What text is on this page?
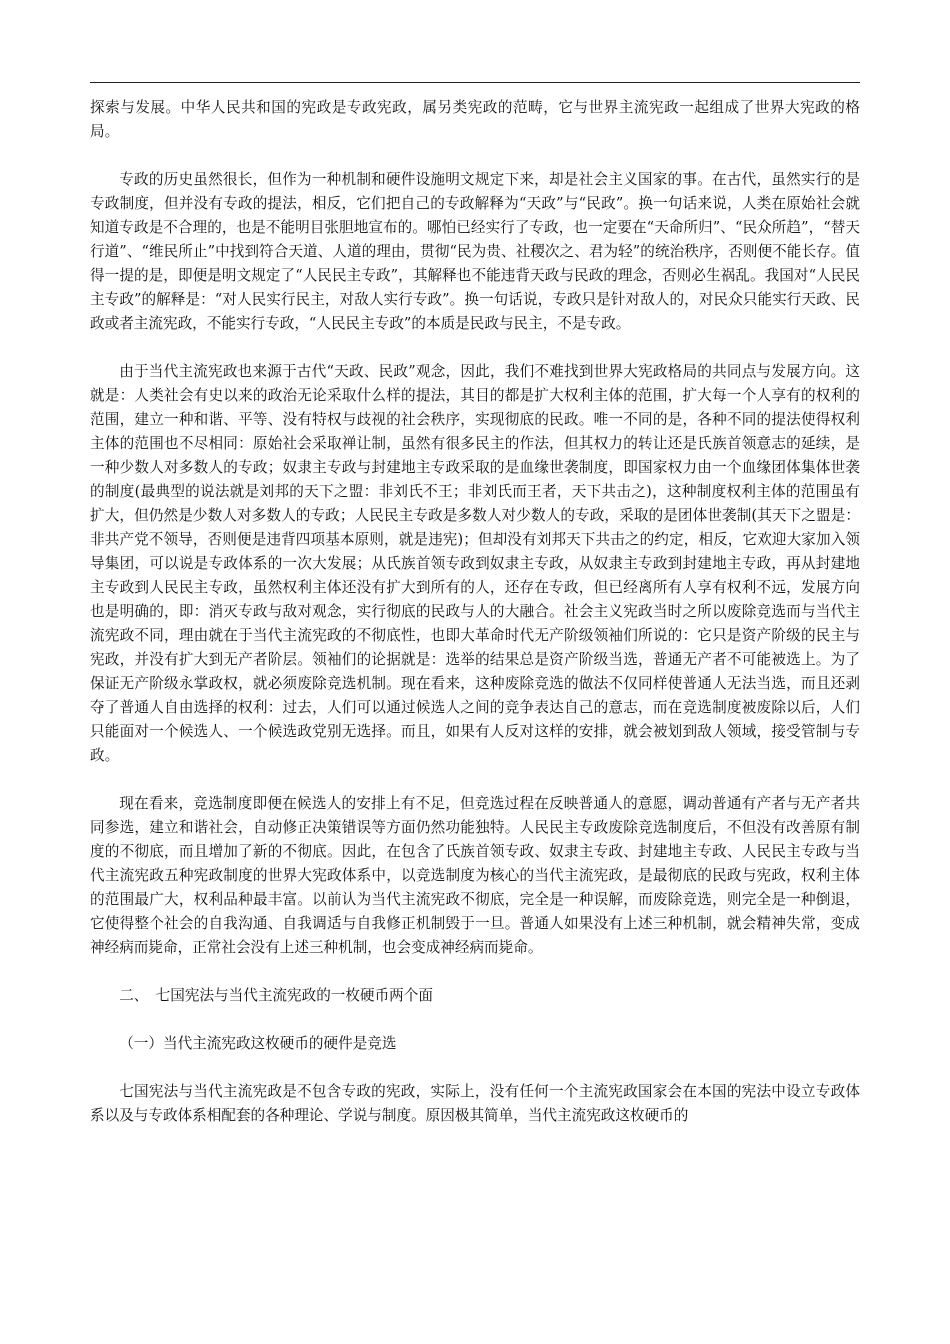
探索与发展。中华人民共和国的宪政是专政宪政，属另类宪政的范畴，它与世界主流宪政一起组成了世界大宪政的格局。

专政的历史虽然很长，但作为一种机制和硬件设施明文规定下来，却是社会主义国家的事。在古代，虽然实行的是专政制度，但并没有专政的提法，相反，它们把自己的专政解释为“天政”与“民政”。换一句话来说，人类在原始社会就知道专政是不合理的，也是不能明目张胆地宣布的。哪怕已经实行了专政，也一定要在“天命所归”、“民众所趋”，“替天行道”、“维民所止”中找到符合天道、人道的理由，贯彻“民为贵、社稷次之、君为轻”的统治秩序，否则便不能长存。值得一提的是，即便是明文规定了“人民民主专政”，其解释也不能违背天政与民政的理念，否则必生祸乱。我国对“人民民主专政”的解释是：“对人民实行民主，对敌人实行专政”。换一句话说，专政只是针对敌人的，对民众只能实行天政、民政或者主流宪政，不能实行专政，“人民民主专政”的本质是民政与民主，不是专政。

由于当代主流宪政也来源于古代“天政、民政”观念，因此，我们不难找到世界大宪政格局的共同点与发展方向。这就是：人类社会有史以来的政治无论采取什么样的提法，其目的都是扩大权利主体的范围，扩大每一个人享有的权利的范围，建立一种和谐、平等、没有特权与歧视的社会秩序，实现彻底的民政。唯一不同的是，各种不同的提法使得权利主体的范围也不尽相同：原始社会采取禅让制，虽然有很多民主的作法，但其权力的转让还是氏族首领意志的延续，是一种少数人对多数人的专政；奴隶主专政与封建地主专政采取的是血缘世袭制度，即国家权力由一个血缘团体集体世袭的制度(最典型的说法就是刘邦的天下之盟：非刘氏不王；非刘氏而王者，天下共击之)，这种制度权利主体的范围虽有扩大，但仍然是少数人对多数人的专政；人民民主专政是多数人对少数人的专政，采取的是团体世袭制(其天下之盟是：非共产党不领导，否则便是违背四项基本原则，就是违宪)；但却没有刘邦天下共击之的约定，相反，它欢迎大家加入领导集团，可以说是专政体系的一次大发展；从氏族首领专政到奴隶主专政，从奴隶主专政到封建地主专政，再从封建地主专政到人民民主专政，虽然权利主体还没有扩大到所有的人，还存在专政，但已经离所有人享有权利不远，发展方向也是明确的，即：消灭专政与敌对观念，实行彻底的民政与人的大融合。社会主义宪政当时之所以废除竞选而与当代主流宪政不同，理由就在于当代主流宪政的不彻底性，也即大革命时代无产阶级领袖们所说的：它只是资产阶级的民主与宪政，并没有扩大到无产者阶层。领袖们的论据就是：选举的结果总是资产阶级当选，普通无产者不可能被选上。为了保证无产阶级永掌政权，就必须废除竞选机制。现在看来，这种废除竞选的做法不仅同样使普通人无法当选，而且还剥夺了普通人自由选择的权利：过去，人们可以通过候选人之间的竞争表达自己的意志，而在竞选制度被废除以后，人们只能面对一个候选人、一个候选政党别无选择。而且，如果有人反对这样的安排，就会被划到敌人领域，接受管制与专政。

现在看来，竞选制度即便在候选人的安排上有不足，但竞选过程在反映普通人的意愿，调动普通有产者与无产者共同参选，建立和谐社会，自动修正决策错误等方面仍然功能独特。人民民主专政废除竞选制度后，不但没有改善原有制度的不彻底，而且增加了新的不彻底。因此，在包含了氏族首领专政、奴隶主专政、封建地主专政、人民民主专政与当代主流宪政五种宪政制度的世界大宪政体系中，以竞选制度为核心的当代主流宪政，是最彻底的民政与宪政，权利主体的范围最广大，权利品种最丰富。以前认为当代主流宪政不彻底，完全是一种误解，而废除竞选，则完全是一种倒退，它使得整个社会的自我沟通、自我调适与自我修正机制毁于一旦。普通人如果没有上述三种机制，就会精神失常，变成神经病而毙命，正常社会没有上述三种机制，也会变成神经病而毙命。

二、　七国宪法与当代主流宪政的一枚硬币两个面

（一）当代主流宪政这枚硬币的硬件是竞选

七国宪法与当代主流宪政是不包含专政的宪政，实际上，没有任何一个主流宪政国家会在本国的宪法中设立专政体系以及与专政体系相配套的各种理论、学说与制度。原因极其简单，当代主流宪政这枚硬币的
